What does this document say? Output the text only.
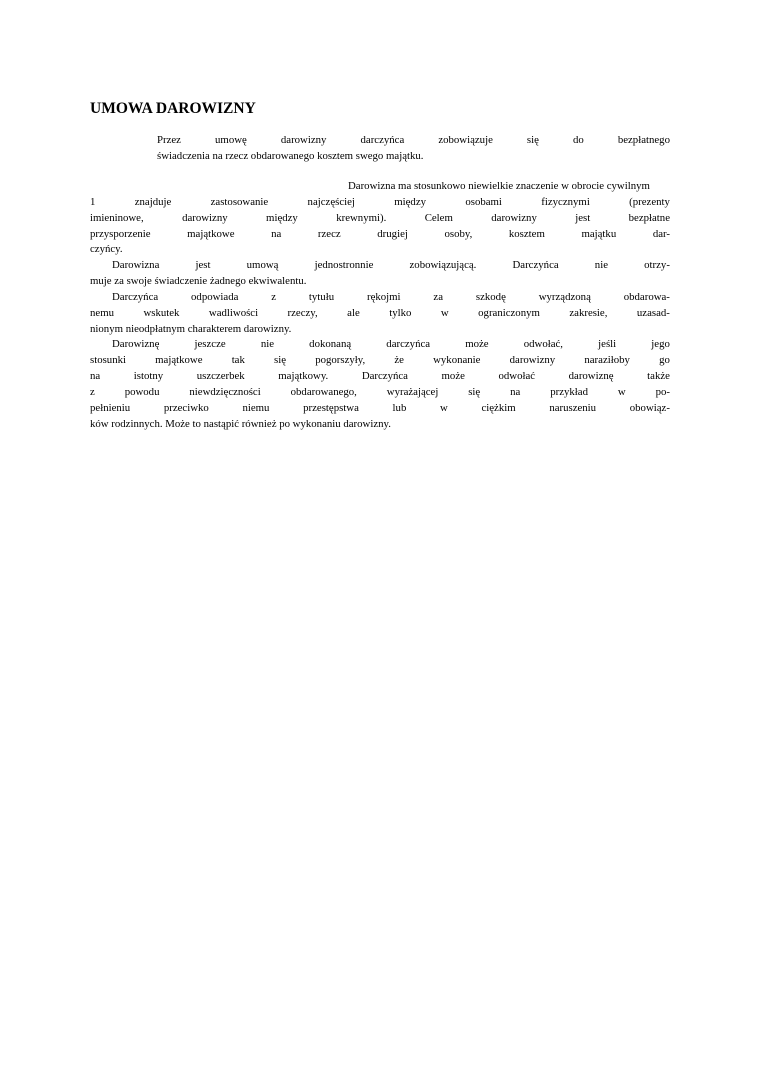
UMOWA DAROWIZNY
Przez	umowę	darowizny	darczyńca	zobowiązuje	się	do	bezpłatnego
świadczenia na rzecz obdarowanego kosztem swego majątku.
Darowizna ma stosunkowo niewielkie znaczenie w obrocie cywilnym
1	znajduje	zastosowanie	najczęściej	między	osobami	fizycznymi	(prezenty
imieninowe,	darowizny	między	krewnymi).	Celem	darowizny	jest	bezpłatne
przysporzenie	majątkowe	na	rzecz	drugiej	osoby,	kosztem	majątku	dar-
czyńcy.
Darowizna	jest	umową	jednostronnie	zobowiązującą.	Darczyńca	nie	otrzy-
muje za swoje świadczenie żadnego ekwiwalentu.
Darczyńca	odpowiada	z	tytułu	rękojmi	za	szkodę	wyrządzoną	obdarowa-
nemu	wskutek	wadliwości	rzeczy,	ale	tylko	w	ograniczonym	zakresie,	uzasad-
nionym nieodpłatnym charakterem darowizny.
Darowiznę	jeszcze	nie	dokonaną	darczyńca	może	odwołać,	jeśli	jego
stosunki	majątkowe	tak	się	pogorszyły,	że	wykonanie	darowizny	naraziłoby	go
na	istotny	uszczerbek	majątkowy.	Darczyńca	może	odwołać	darowiznę	także
z	powodu	niewdzięczności	obdarowanego,	wyrażającej	się	na	przykład	w	po-
pełnieniu	przeciwko	niemu	przestępstwa	lub	w	ciężkim	naruszeniu	obowiąz-
ków rodzinnych. Może to nastąpić również po wykonaniu darowizny.
